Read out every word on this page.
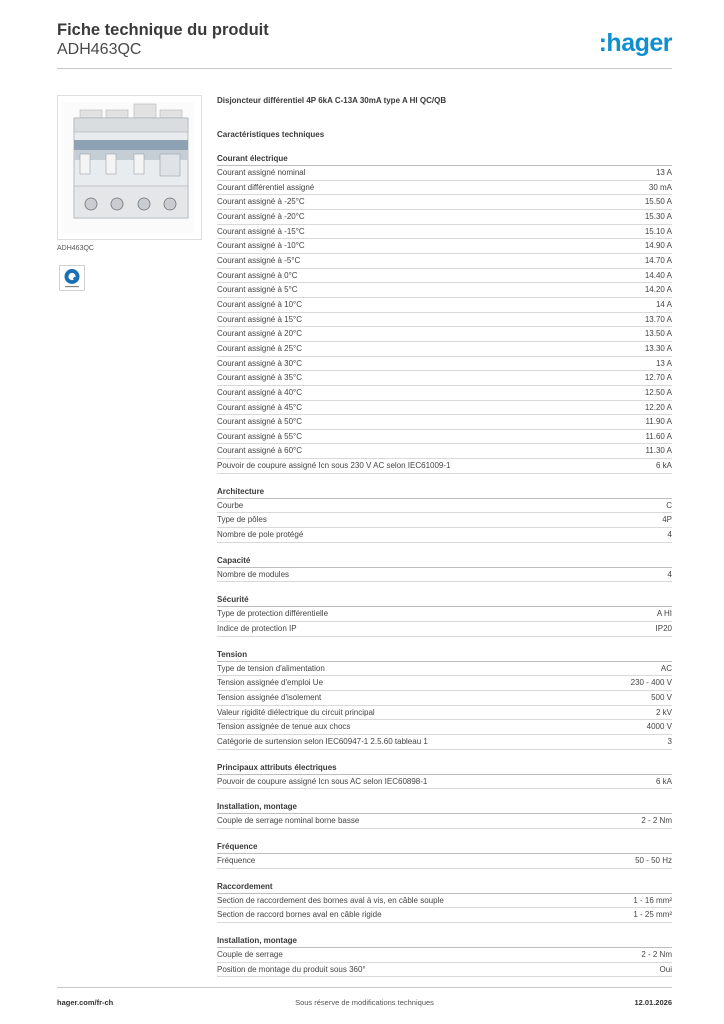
Fiche technique du produit
ADH463QC	:hager
ADH463QC
Disjoncteur différentiel 4P 6kA C-13A 30mA type A HI QC/QB
Caractéristiques techniques
Courant électrique
Courant assigné nominal	13 A
Courant différentiel assigné	30 mA
Courant assigné à -25°C	15.50 A
Courant assigné à -20°C	15.30 A
Courant assigné à -15°C	15.10 A
Courant assigné à -10°C	14.90 A
Courant assigné à -5°C	14.70 A
Courant assigné à 0°C	14.40 A
Courant assigné à 5°C	14.20 A
Courant assigné à 10°C	14 A
Courant assigné à 15°C	13.70 A
Courant assigné à 20°C	13.50 A
Courant assigné à 25°C	13.30 A
Courant assigné à 30°C	13 A
Courant assigné à 35°C	12.70 A
Courant assigné à 40°C	12.50 A
Courant assigné à 45°C	12.20 A
Courant assigné à 50°C	11.90 A
Courant assigné à 55°C	11.60 A
Courant assigné à 60°C	11.30 A
Pouvoir de coupure assigné Icn sous 230 V AC selon IEC61009-1	6 kA
Architecture
Courbe	C
Type de pôles	4P
Nombre de pole protégé	4
Capacité
Nombre de modules	4
Sécurité
Type de protection différentielle	A HI
Indice de protection IP	IP20
Tension
Type de tension d'alimentation	AC
Tension assignée d'emploi Ue	230 - 400 V
Tension assignée d'isolement	500 V
Valeur rigidité diélectrique du circuit principal	2 kV
Tension assignée de tenue aux chocs	4000 V
Catégorie de surtension selon IEC60947-1 2.5.60 tableau 1	3
Principaux attributs électriques
Pouvoir de coupure assigné Icn sous AC selon IEC60898-1	6 kA
Installation, montage
Couple de serrage nominal borne basse	2 - 2 Nm
Fréquence
Fréquence	50 - 50 Hz
Raccordement
Section de raccordement des bornes aval à vis, en câble souple	1 - 16 mm²
Section de raccord bornes aval en câble rigide	1 - 25 mm²
Installation, montage
Couple de serrage	2 - 2 Nm
Position de montage du produit sous 360°	Oui
hager.com/fr-ch	Sous réserve de modifications techniques	12.01.2026
